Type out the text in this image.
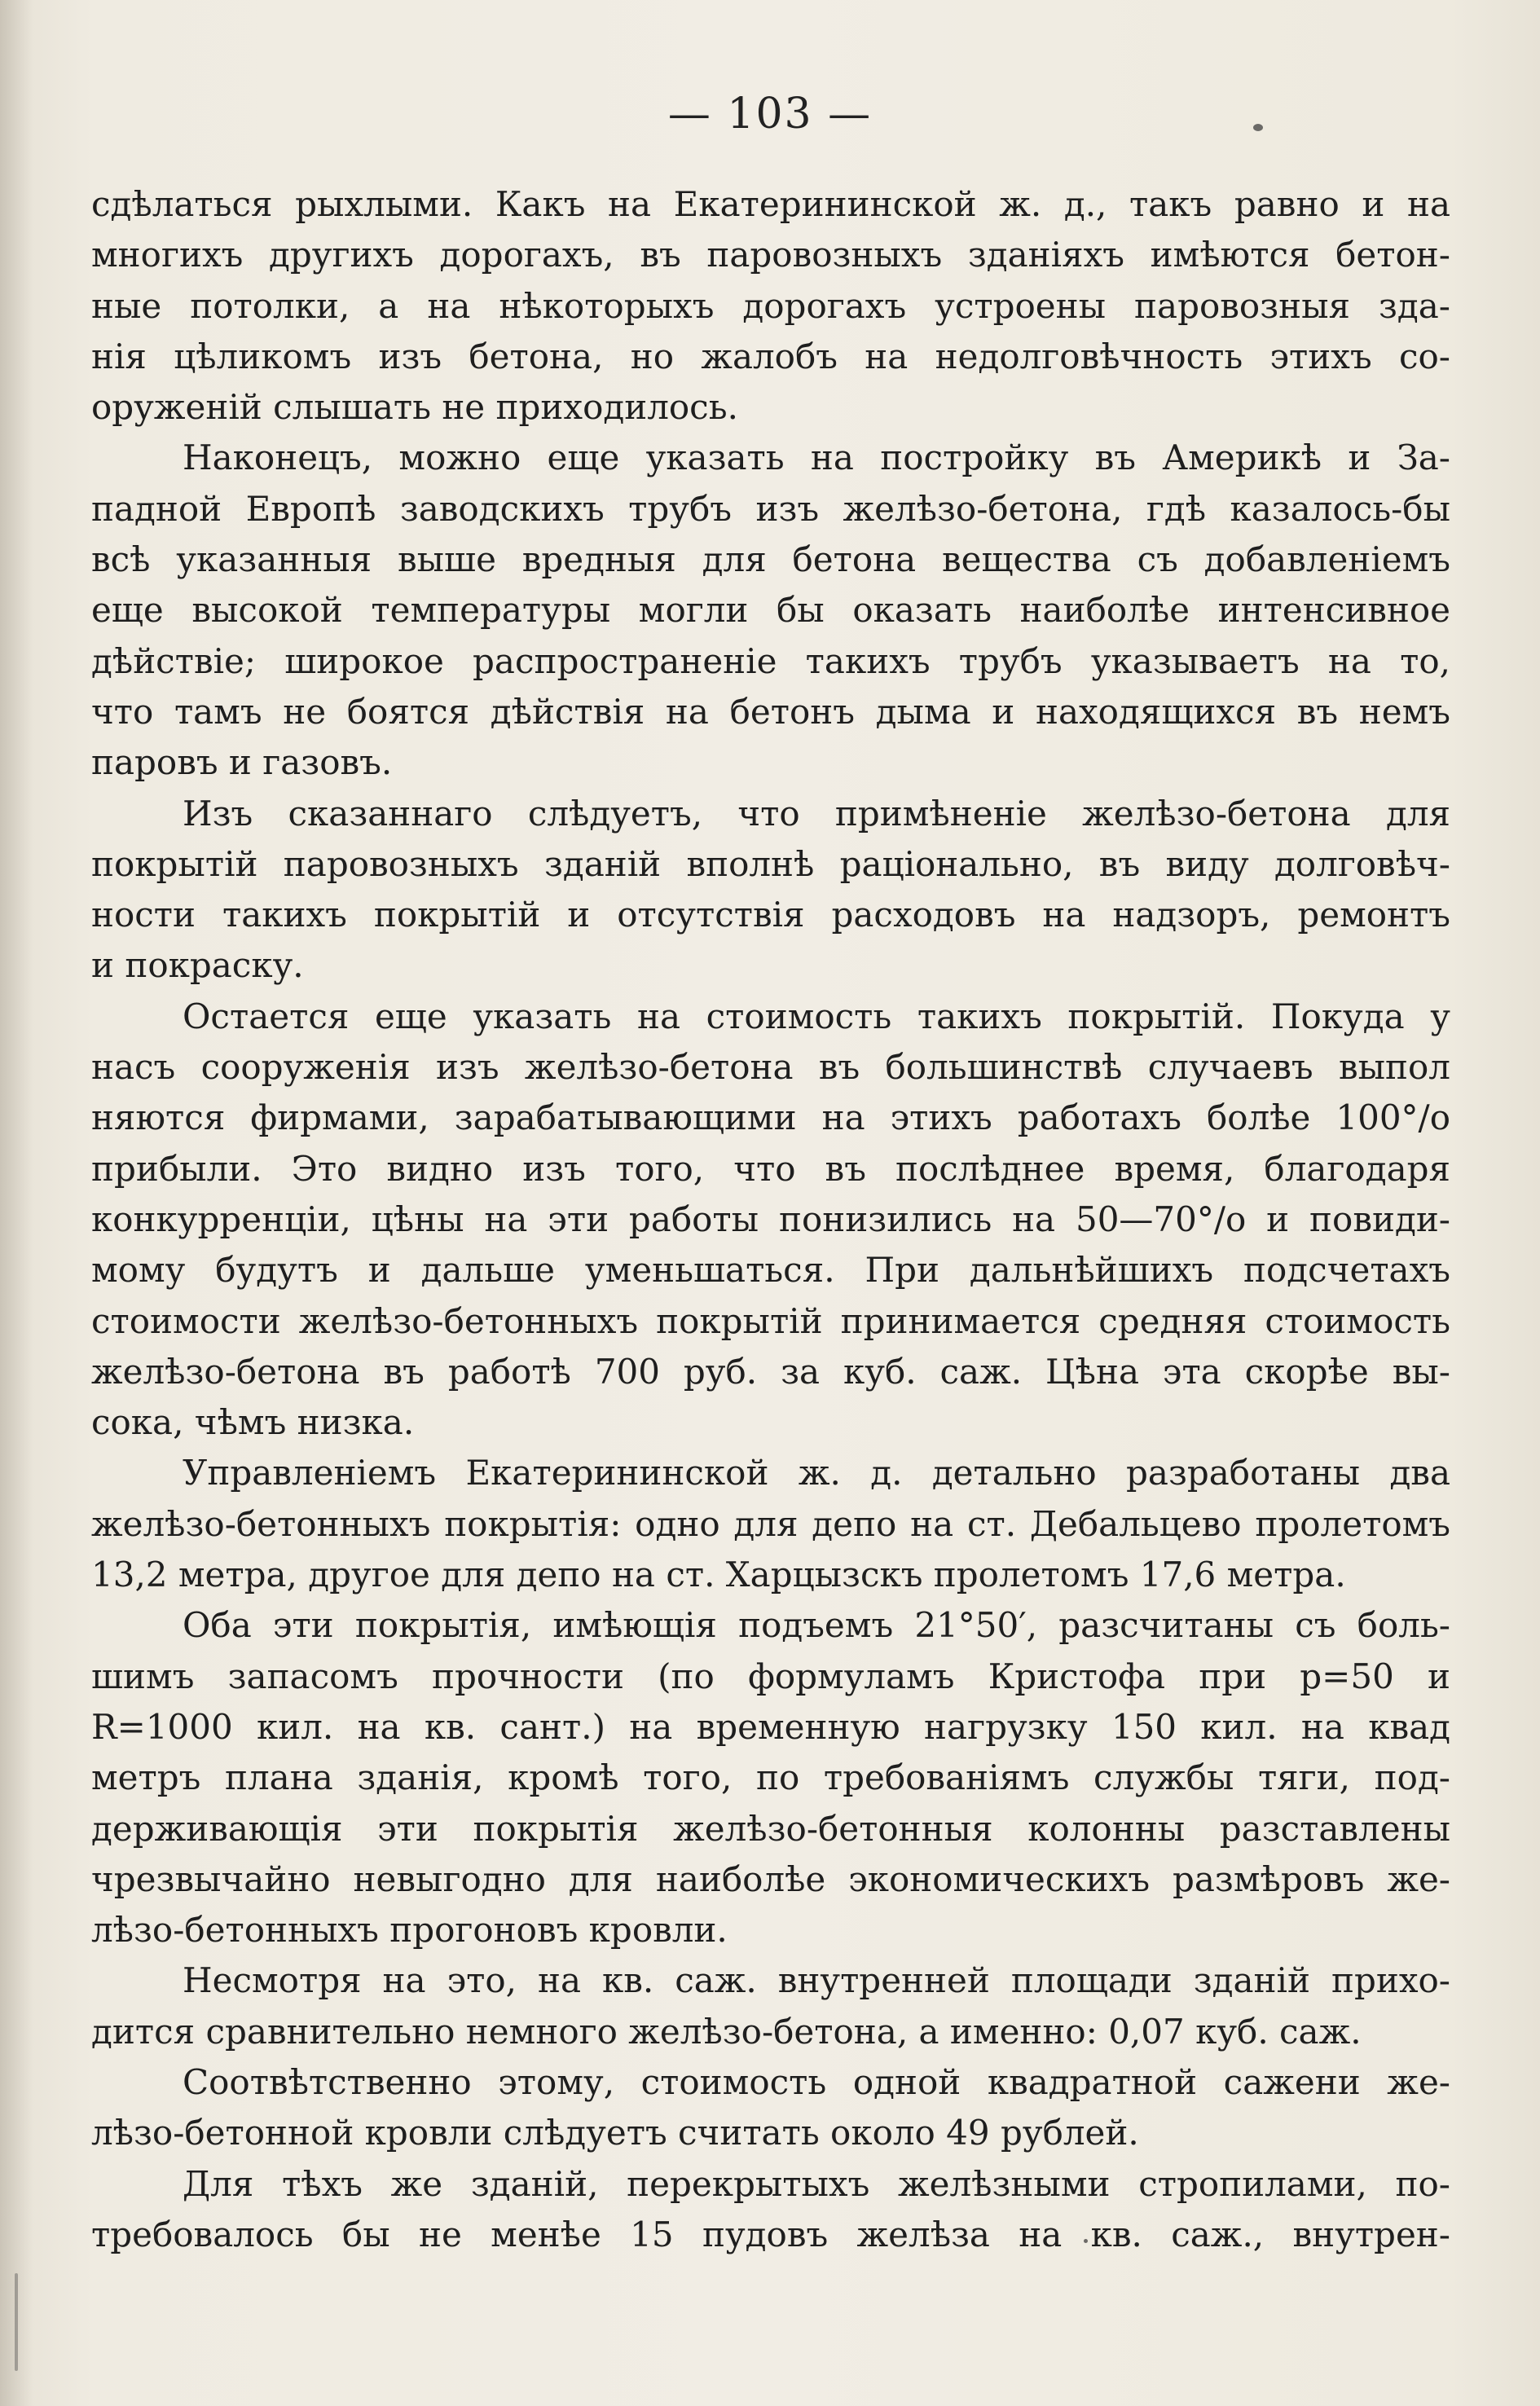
— 103 —
сдѣлаться рыхлыми. Какъ на Екатерининской ж. д., такъ равно и на
многихъ другихъ дорогахъ, въ паровозныхъ зданіяхъ имѣются бетон-
ные потолки, а на нѣкоторыхъ дорогахъ устроены паровозныя зда-
нія цѣликомъ изъ бетона, но жалобъ на недолговѣчность этихъ со-
оруженій слышать не приходилось.
Наконецъ, можно еще указать на постройку въ Америкѣ и За-
падной Европѣ заводскихъ трубъ изъ желѣзо-бетона, гдѣ казалось-бы
всѣ указанныя выше вредныя для бетона вещества съ добавленіемъ
еще высокой температуры могли бы оказать наиболѣе интенсивное
дѣйствіе; широкое распространеніе такихъ трубъ указываетъ на то,
что тамъ не боятся дѣйствія на бетонъ дыма и находящихся въ немъ
паровъ и газовъ.
Изъ сказаннаго слѣдуетъ, что примѣненіе желѣзо-бетона для
покрытій паровозныхъ зданій вполнѣ раціонально, въ виду долговѣч-
ности такихъ покрытій и отсутствія расходовъ на надзоръ, ремонтъ
и покраску.
Остается еще указать на стоимость такихъ покрытій. Покуда у
насъ сооруженія изъ желѣзо-бетона въ большинствѣ случаевъ выпол
няются фирмами, зарабатывающими на этихъ работахъ болѣе 100°/о
прибыли. Это видно изъ того, что въ послѣднее время, благодаря
конкурренціи, цѣны на эти работы понизились на 50—70°/о и повиди-
мому будутъ и дальше уменьшаться. При дальнѣйшихъ подсчетахъ
стоимости желѣзо-бетонныхъ покрытій принимается средняя стоимость
желѣзо-бетона въ работѣ 700 руб. за куб. саж. Цѣна эта скорѣе вы-
сока, чѣмъ низка.
Управленіемъ Екатерининской ж. д. детально разработаны два
желѣзо-бетонныхъ покрытія: одно для депо на ст. Дебальцево пролетомъ
13,2 метра, другое для депо на ст. Харцызскъ пролетомъ 17,6 метра.
Оба эти покрытія, имѣющія подъемъ 21°50′, разсчитаны съ боль-
шимъ запасомъ прочности (по формуламъ Кристофа при p=50 и
R=1000 кил. на кв. сант.) на временную нагрузку 150 кил. на квад
метръ плана зданія, кромѣ того, по требованіямъ службы тяги, под-
держивающія эти покрытія желѣзо-бетонныя колонны разставлены
чрезвычайно невыгодно для наиболѣе экономическихъ размѣровъ же-
лѣзо-бетонныхъ прогоновъ кровли.
Несмотря на это, на кв. саж. внутренней площади зданій прихо-
дится сравнительно немного желѣзо-бетона, а именно: 0,07 куб. саж.
Соотвѣтственно этому, стоимость одной квадратной сажени же-
лѣзо-бетонной кровли слѣдуетъ считать около 49 рублей.
Для тѣхъ же зданій, перекрытыхъ желѣзными стропилами, по-
требовалось бы не менѣе 15 пудовъ желѣза на кв. саж., внутрен-
